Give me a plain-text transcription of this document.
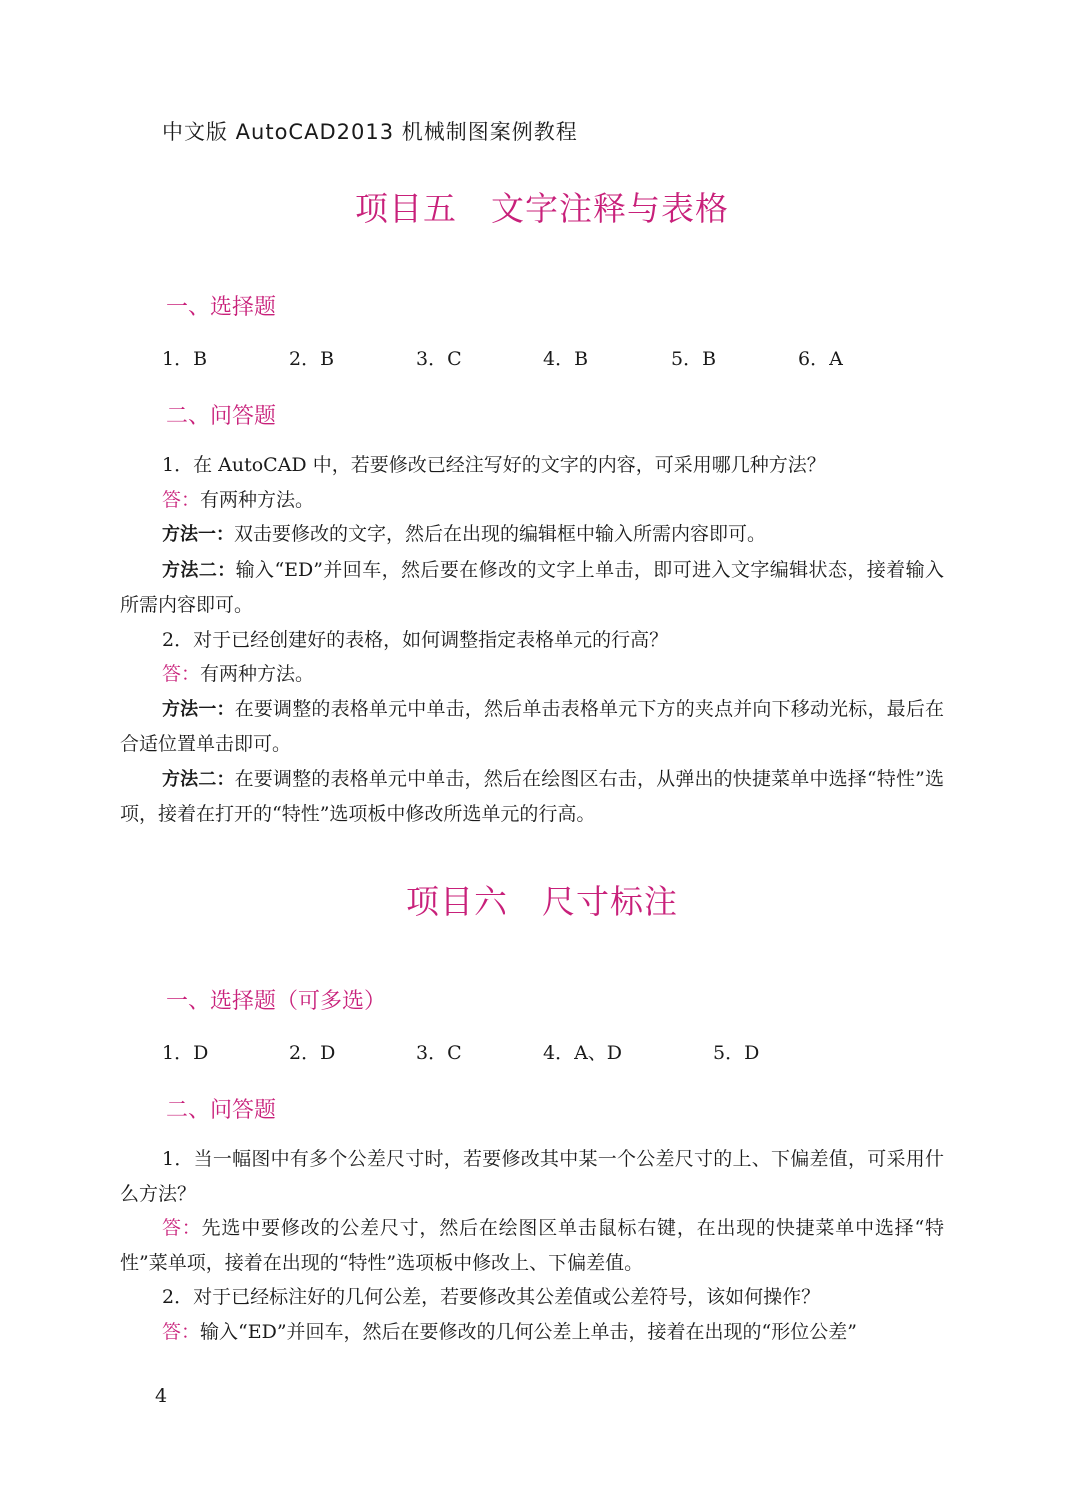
中文版 AutoCAD2013 机械制图案例教程
项目五　文字注释与表格
一、选择题
1．B	2．B	3．C	4．B	5．B	6．A
二、问答题

1．在 AutoCAD 中，若要修改已经注写好的文字的内容，可采用哪几种方法？

答：有两种方法。

方法一：双击要修改的文字，然后在出现的编辑框中输入所需内容即可。

方法二：输入“ED”并回车，然后要在修改的文字上单击，即可进入文字编辑状态，接着输入所需内容即可。

2．对于已经创建好的表格，如何调整指定表格单元的行高？

答：有两种方法。

方法一：在要调整的表格单元中单击，然后单击表格单元下方的夹点并向下移动光标，最后在合适位置单击即可。

方法二：在要调整的表格单元中单击，然后在绘图区右击，从弹出的快捷菜单中选择“特性”选项，接着在打开的“特性”选项板中修改所选单元的行高。

项目六　尺寸标注
一、选择题（可多选）
1．D	2．D	3．C	4．A、D	5．D
二、问答题

1．当一幅图中有多个公差尺寸时，若要修改其中某一个公差尺寸的上、下偏差值，可采用什么方法？

答：先选中要修改的公差尺寸，然后在绘图区单击鼠标右键，在出现的快捷菜单中选择“特性”菜单项，接着在出现的“特性”选项板中修改上、下偏差值。

2．对于已经标注好的几何公差，若要修改其公差值或公差符号，该如何操作？

答：输入“ED”并回车，然后在要修改的几何公差上单击，接着在出现的“形位公差”

4
